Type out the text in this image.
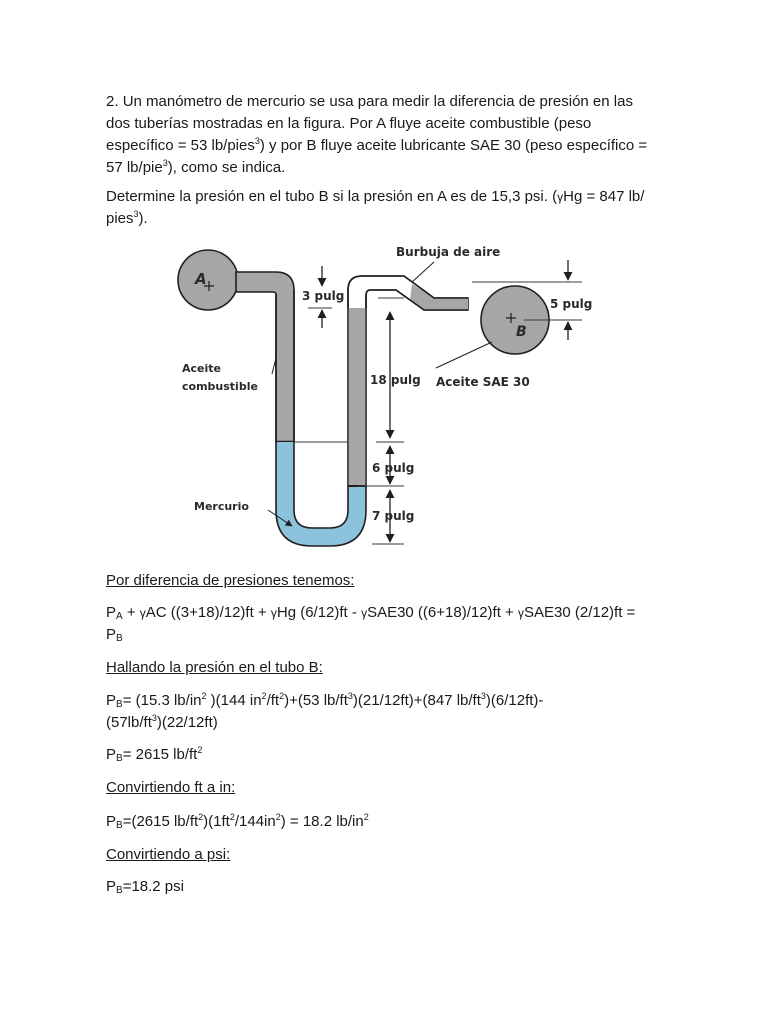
2. Un manómetro de mercurio se usa para medir la diferencia de presión en las
dos tuberías mostradas en la figura. Por A fluye aceite combustible (peso
específico = 53 lb/pies$^3$) y por B fluye aceite lubricante SAE 30 (peso específico =
57 lb/pie$^3$), como se indica.

Determine la presión en el tubo B si la presión en A es de 15,3 psi. (γHg = 847 lb/
pies$^3$).

Por diferencia de presiones tenemos:

$P_A + \gamma AC$ ((3+18)/12)ft + γHg (6/12)ft - γSAE30 ((6+18)/12)ft + γSAE30 (2/12)ft =
$P_B$

Hallando la presión en el tubo B:

$P_B= (15.3$ $lb/in^2$ )(144 $in^2/ft^2)+(53$ $lb/ft^3)(21/12ft)+(847$ $lb/ft^3)(6/12ft)-$
$(57lb/ft^3)(22/12ft)$

$P_B= 2615$ $lb/ft^2$

Convirtiendo ft a in:

$P_B=(2615$ $lb/ft^2)(1ft^2/144in^2) = 18.2$ $lb/in^2$

Convirtiendo a psi:

$P_B=18.2$ psi

A
B
Burbuja de aire
3 pulg
5 pulg
18 pulg
6 pulg
7 pulg
Aceite SAE 30
Aceite
combustible
Mercurio
